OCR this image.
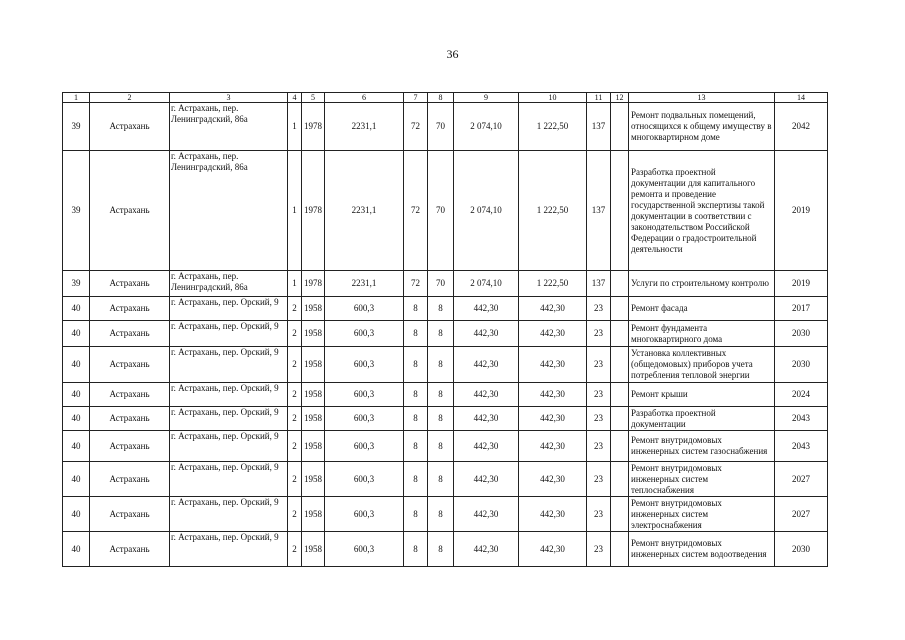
36
1	2	3	4	5	6	7	8	9	10	11	12	13	14
39	Астрахань	г. Астрахань, пер. Ленинградский, 86а	1	1978	2231,1	72	70	2 074,10	1 222,50	137		Ремонт подвальных помещений, относящихся к общему имуществу в многоквартирном доме	2042
39	Астрахань	г. Астрахань, пер. Ленинградский, 86а	1	1978	2231,1	72	70	2 074,10	1 222,50	137		Разработка проектной документации для капитального ремонта и проведение государственной экспертизы такой документации в соответствии с законодательством Российской Федерации о градостроительной деятельности	2019
39	Астрахань	г. Астрахань, пер. Ленинградский, 86а	1	1978	2231,1	72	70	2 074,10	1 222,50	137		Услуги по строительному контролю	2019
40	Астрахань	г. Астрахань, пер. Орский, 9	2	1958	600,3	8	8	442,30	442,30	23		Ремонт фасада	2017
40	Астрахань	г. Астрахань, пер. Орский, 9	2	1958	600,3	8	8	442,30	442,30	23		Ремонт фундамента многоквартирного дома	2030
40	Астрахань	г. Астрахань, пер. Орский, 9	2	1958	600,3	8	8	442,30	442,30	23		Установка коллективных (общедомовых) приборов учета потребления тепловой энергии	2030
40	Астрахань	г. Астрахань, пер. Орский, 9	2	1958	600,3	8	8	442,30	442,30	23		Ремонт крыши	2024
40	Астрахань	г. Астрахань, пер. Орский, 9	2	1958	600,3	8	8	442,30	442,30	23		Разработка проектной документации	2043
40	Астрахань	г. Астрахань, пер. Орский, 9	2	1958	600,3	8	8	442,30	442,30	23		Ремонт внутридомовых инженерных систем газоснабжения	2043
40	Астрахань	г. Астрахань, пер. Орский, 9	2	1958	600,3	8	8	442,30	442,30	23		Ремонт внутридомовых инженерных систем теплоснабжения	2027
40	Астрахань	г. Астрахань, пер. Орский, 9	2	1958	600,3	8	8	442,30	442,30	23		Ремонт внутридомовых инженерных систем электроснабжения	2027
40	Астрахань	г. Астрахань, пер. Орский, 9	2	1958	600,3	8	8	442,30	442,30	23		Ремонт внутридомовых инженерных систем водоотведения	2030
